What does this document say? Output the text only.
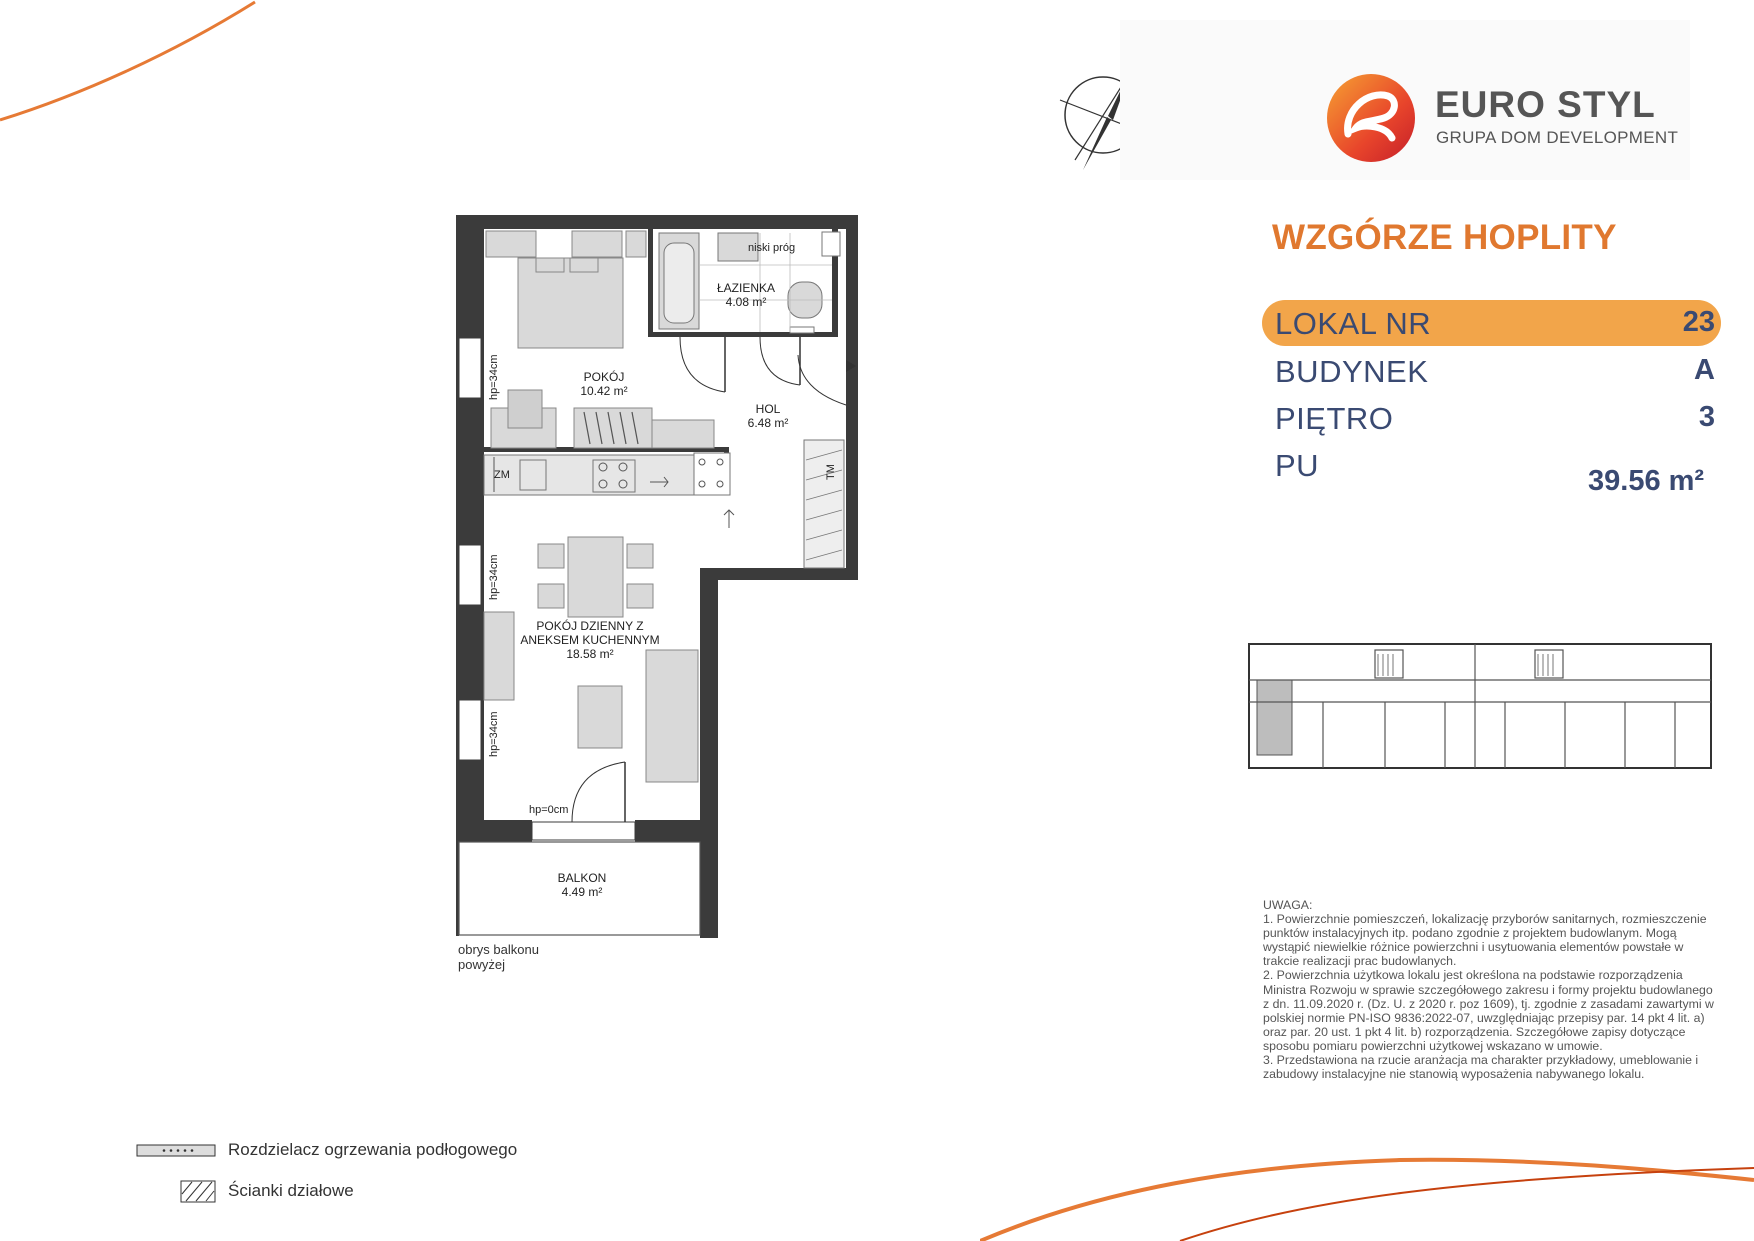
EURO STYL
GRUPA DOM DEVELOPMENT
WZGÓRZE HOPLITY
LOKAL NR	23
BUDYNEK	A
PIĘTRO	3
PU	39.56 m²
POKÓJ
10.42 m²
ŁAZIENKA
4.08 m²
HOL
6.48 m²
POKÓJ DZIENNY Z
ANEKSEM KUCHENNYM
18.58 m²
BALKON
4.49 m²
niski próg
ZM
hp=0cm
hp=34cm
hp=34cm
hp=34cm
TM
obrys balkonu powyżej
UWAGA:
1. Powierzchnie pomieszczeń, lokalizację przyborów sanitarnych, rozmieszczenie punktów instalacyjnych itp. podano zgodnie z projektem budowlanym. Mogą wystąpić niewielkie różnice powierzchni i usytuowania elementów powstałe w trakcie realizacji prac budowlanych.
2. Powierzchnia użytkowa lokalu jest określona na podstawie rozporządzenia Ministra Rozwoju w sprawie szczegółowego zakresu i formy projektu budowlanego z dn. 11.09.2020 r. (Dz. U. z 2020 r. poz 1609), tj. zgodnie z zasadami zawartymi w polskiej normie PN-ISO 9836:2022-07, uwzględniając przepisy par. 14 pkt 4 lit. a) oraz par. 20 ust. 1 pkt 4 lit. b) rozporządzenia. Szczegółowe zapisy dotyczące sposobu pomiaru powierzchni użytkowej wskazano w umowie.
3. Przedstawiona na rzucie aranżacja ma charakter przykładowy, umeblowanie i zabudowy instalacyjne nie stanowią wyposażenia nabywanego lokalu.
Rozdzielacz ogrzewania podłogowego
Ścianki działowe
